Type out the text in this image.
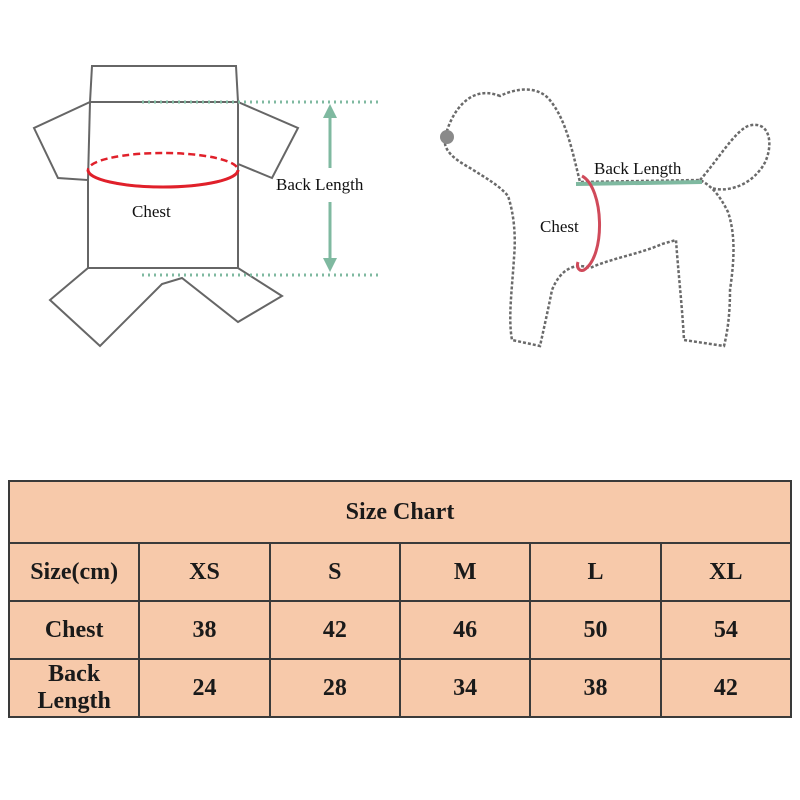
Chest
Back Length
Back Length
Chest
Size Chart					
Size(cm)	XS	S	M	L	XL
Chest	38	42	46	50	54
Back Length	24	28	34	38	42
